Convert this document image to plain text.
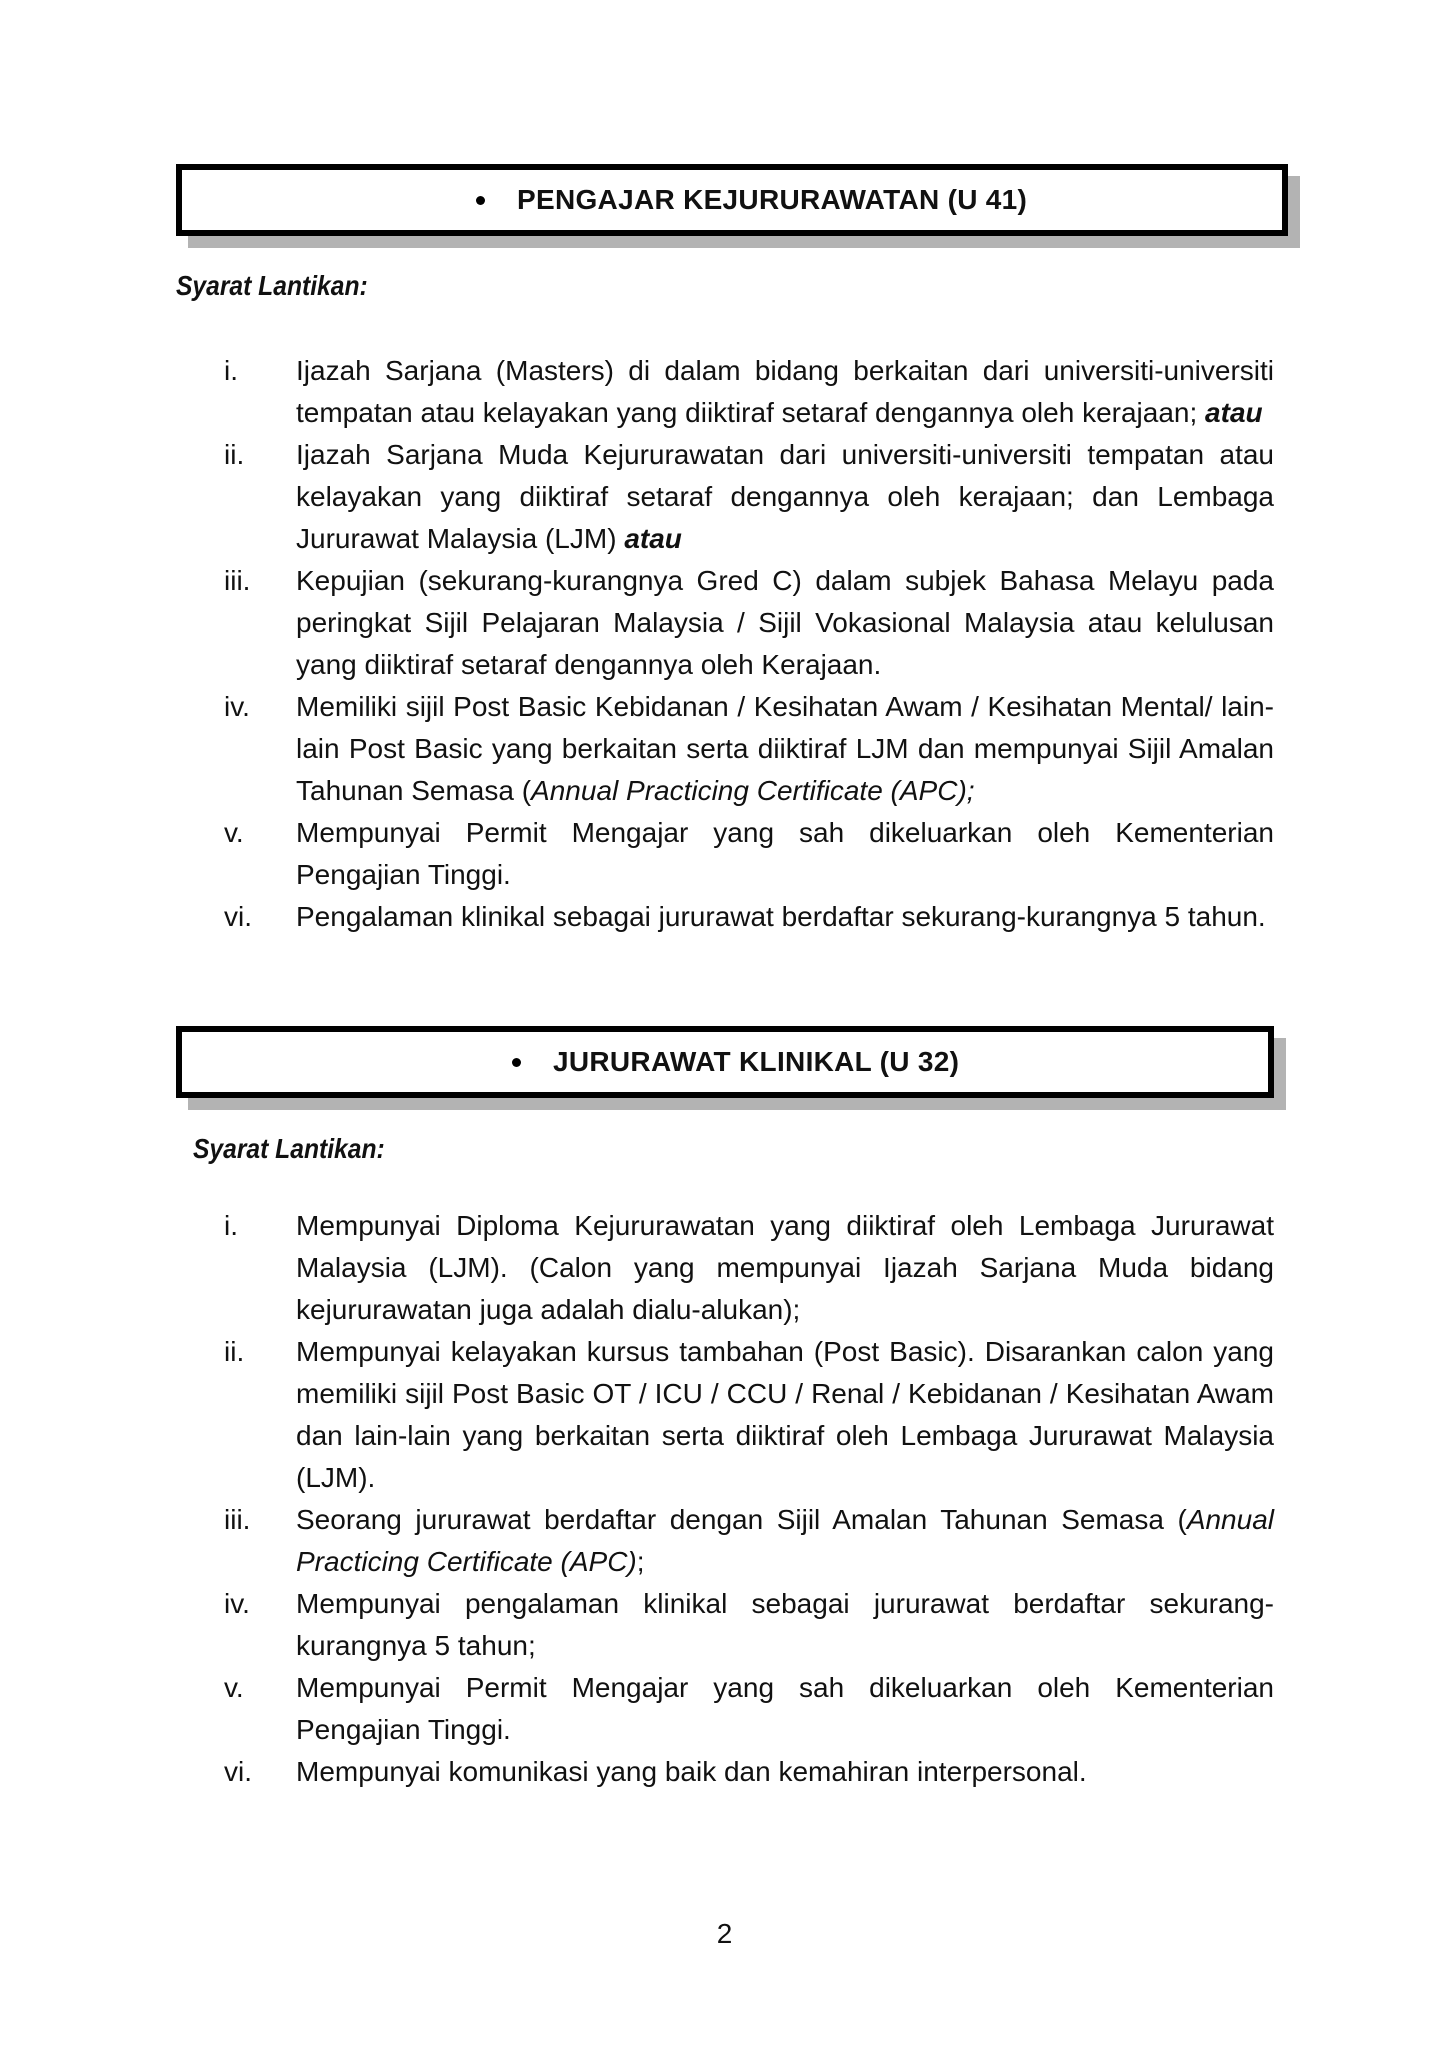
PENGAJAR KEJURURAWATAN (U 41)
Syarat Lantikan:
i. Ijazah Sarjana (Masters) di dalam bidang berkaitan dari universiti-universiti tempatan atau kelayakan yang diiktiraf setaraf dengannya oleh kerajaan; atau
ii. Ijazah Sarjana Muda Kejururawatan dari universiti-universiti tempatan atau kelayakan yang diiktiraf setaraf dengannya oleh kerajaan; dan Lembaga Jururawat Malaysia (LJM) atau
iii. Kepujian (sekurang-kurangnya Gred C) dalam subjek Bahasa Melayu pada peringkat Sijil Pelajaran Malaysia / Sijil Vokasional Malaysia atau kelulusan yang diiktiraf setaraf dengannya oleh Kerajaan.
iv. Memiliki sijil Post Basic Kebidanan / Kesihatan Awam / Kesihatan Mental/ lain-lain Post Basic yang berkaitan serta diiktiraf LJM dan mempunyai Sijil Amalan Tahunan Semasa (Annual Practicing Certificate (APC);
v. Mempunyai Permit Mengajar yang sah dikeluarkan oleh Kementerian Pengajian Tinggi.
vi. Pengalaman klinikal sebagai jururawat berdaftar sekurang-kurangnya 5 tahun.
JURURAWAT KLINIKAL (U 32)
Syarat Lantikan:
i. Mempunyai Diploma Kejururawatan yang diiktiraf oleh Lembaga Jururawat Malaysia (LJM). (Calon yang mempunyai Ijazah Sarjana Muda bidang kejururawatan juga adalah dialu-alukan);
ii. Mempunyai kelayakan kursus tambahan (Post Basic). Disarankan calon yang memiliki sijil Post Basic OT / ICU / CCU / Renal / Kebidanan / Kesihatan Awam dan lain-lain yang berkaitan serta diiktiraf oleh Lembaga Jururawat Malaysia (LJM).
iii. Seorang jururawat berdaftar dengan Sijil Amalan Tahunan Semasa (Annual Practicing Certificate (APC);
iv. Mempunyai pengalaman klinikal sebagai jururawat berdaftar sekurang-kurangnya 5 tahun;
v. Mempunyai Permit Mengajar yang sah dikeluarkan oleh Kementerian Pengajian Tinggi.
vi. Mempunyai komunikasi yang baik dan kemahiran interpersonal.
2
